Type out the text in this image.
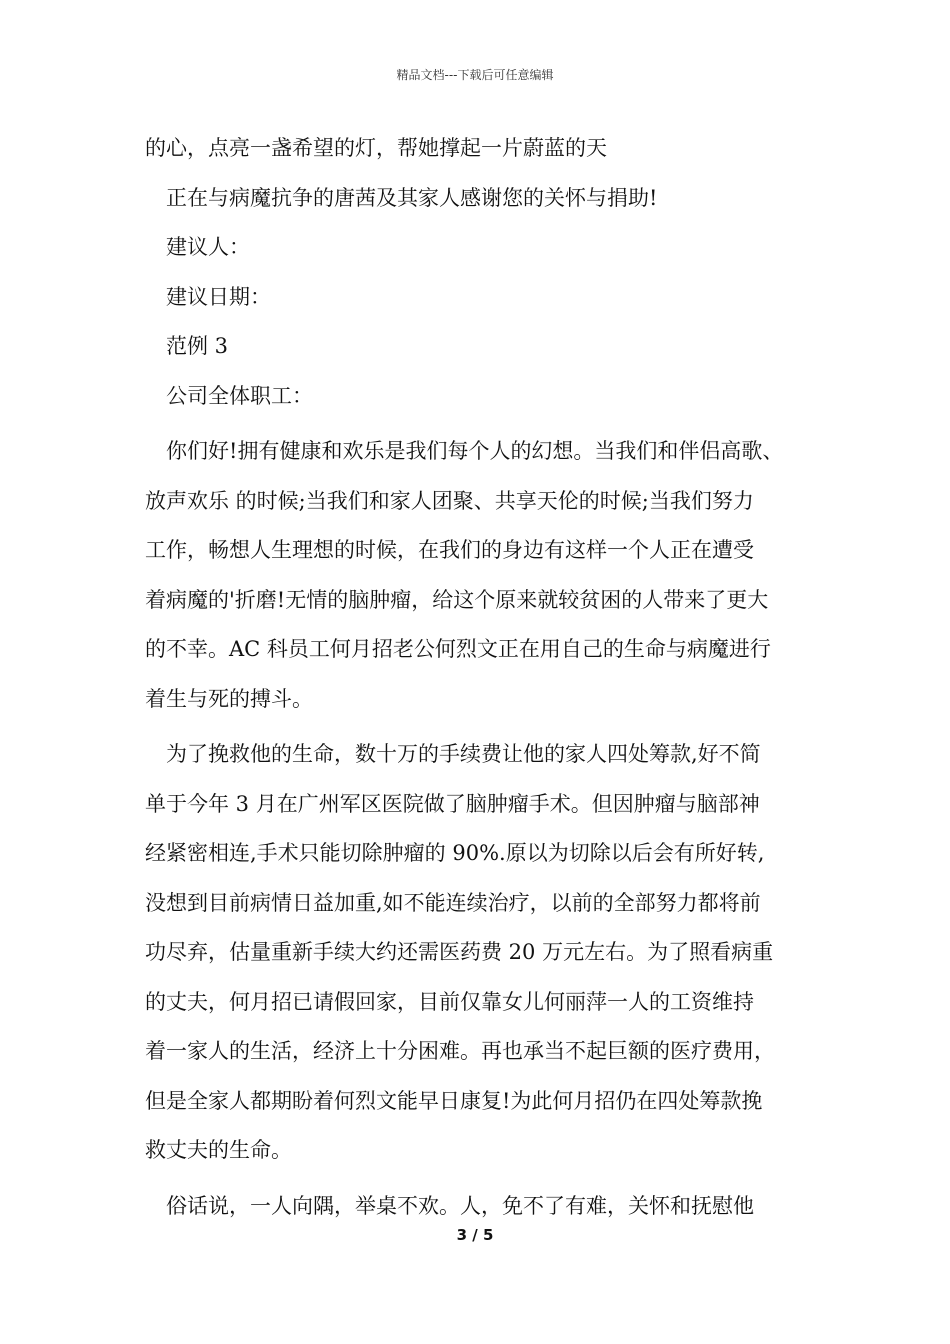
精品文档---下载后可任意编辑
的心，点亮一盏希望的灯，帮她撑起一片蔚蓝的天
正在与病魔抗争的唐茜及其家人感谢您的关怀与捐助!
建议人：
建议日期：
范例 3
公司全体职工：
你们好!拥有健康和欢乐是我们每个人的幻想。当我们和伴侣高歌、
放声欢乐 的时候;当我们和家人团聚、共享天伦的时候;当我们努力
工作，畅想人生理想的时候，在我们的身边有这样一个人正在遭受
着病魔的'折磨!无情的脑肿瘤，给这个原来就较贫困的人带来了更大
的不幸。AC 科员工何月招老公何烈文正在用自己的生命与病魔进行
着生与死的搏斗。
为了挽救他的生命，数十万的手续费让他的家人四处筹款,好不简
单于今年 3 月在广州军区医院做了脑肿瘤手术。但因肿瘤与脑部神
经紧密相连,手术只能切除肿瘤的 90%.原以为切除以后会有所好转,
没想到目前病情日益加重,如不能连续治疗，以前的全部努力都将前
功尽弃，估量重新手续大约还需医药费 20 万元左右。为了照看病重
的丈夫，何月招已请假回家，目前仅靠女儿何丽萍一人的工资维持
着一家人的生活，经济上十分困难。再也承当不起巨额的医疗费用，
但是全家人都期盼着何烈文能早日康复!为此何月招仍在四处筹款挽
救丈夫的生命。
俗话说，一人向隅，举桌不欢。人，免不了有难，关怀和抚慰他
3 / 5
